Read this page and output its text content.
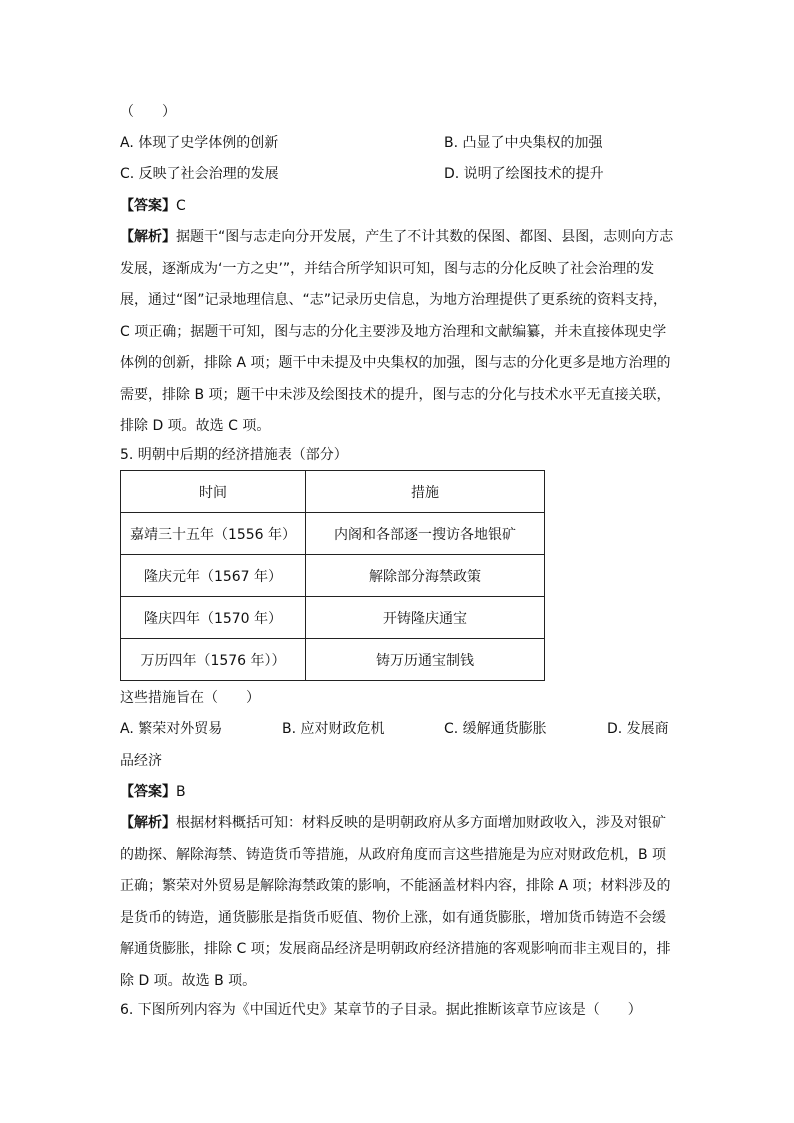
（　　）
A. 体现了史学体例的创新	B. 凸显了中央集权的加强
C. 反映了社会治理的发展	D. 说明了绘图技术的提升
【答案】C

【解析】据题干“图与志走向分开发展，产生了不计其数的保图、都图、县图，志则向方志

发展，逐渐成为‘一方之史’”，并结合所学知识可知，图与志的分化反映了社会治理的发

展，通过“图”记录地理信息、“志”记录历史信息，为地方治理提供了更系统的资料支持，

C 项正确；据题干可知，图与志的分化主要涉及地方治理和文献编纂，并未直接体现史学

体例的创新，排除 A 项；题干中未提及中央集权的加强，图与志的分化更多是地方治理的

需要，排除 B 项；题干中未涉及绘图技术的提升，图与志的分化与技术水平无直接关联，

排除 D 项。故选 C 项。

5. 明朝中后期的经济措施表（部分）
时间	措施
嘉靖三十五年（1556 年）	内阁和各部逐一搜访各地银矿
隆庆元年（1567 年）	解除部分海禁政策
隆庆四年（1570 年）	开铸隆庆通宝
万历四年（1576 年））	铸万历通宝制钱
这些措施旨在（　　）
A. 繁荣对外贸易	B. 应对财政危机	C. 缓解通货膨胀	D. 发展商
品经济
【答案】B

【解析】根据材料概括可知：材料反映的是明朝政府从多方面增加财政收入，涉及对银矿

的勘探、解除海禁、铸造货币等措施，从政府角度而言这些措施是为应对财政危机，B 项

正确；繁荣对外贸易是解除海禁政策的影响，不能涵盖材料内容，排除 A 项；材料涉及的

是货币的铸造，通货膨胀是指货币贬值、物价上涨，如有通货膨胀，增加货币铸造不会缓

解通货膨胀，排除 C 项；发展商品经济是明朝政府经济措施的客观影响而非主观目的，排

除 D 项。故选 B 项。

6. 下图所列内容为《中国近代史》某章节的子目录。据此推断该章节应该是（　　）
